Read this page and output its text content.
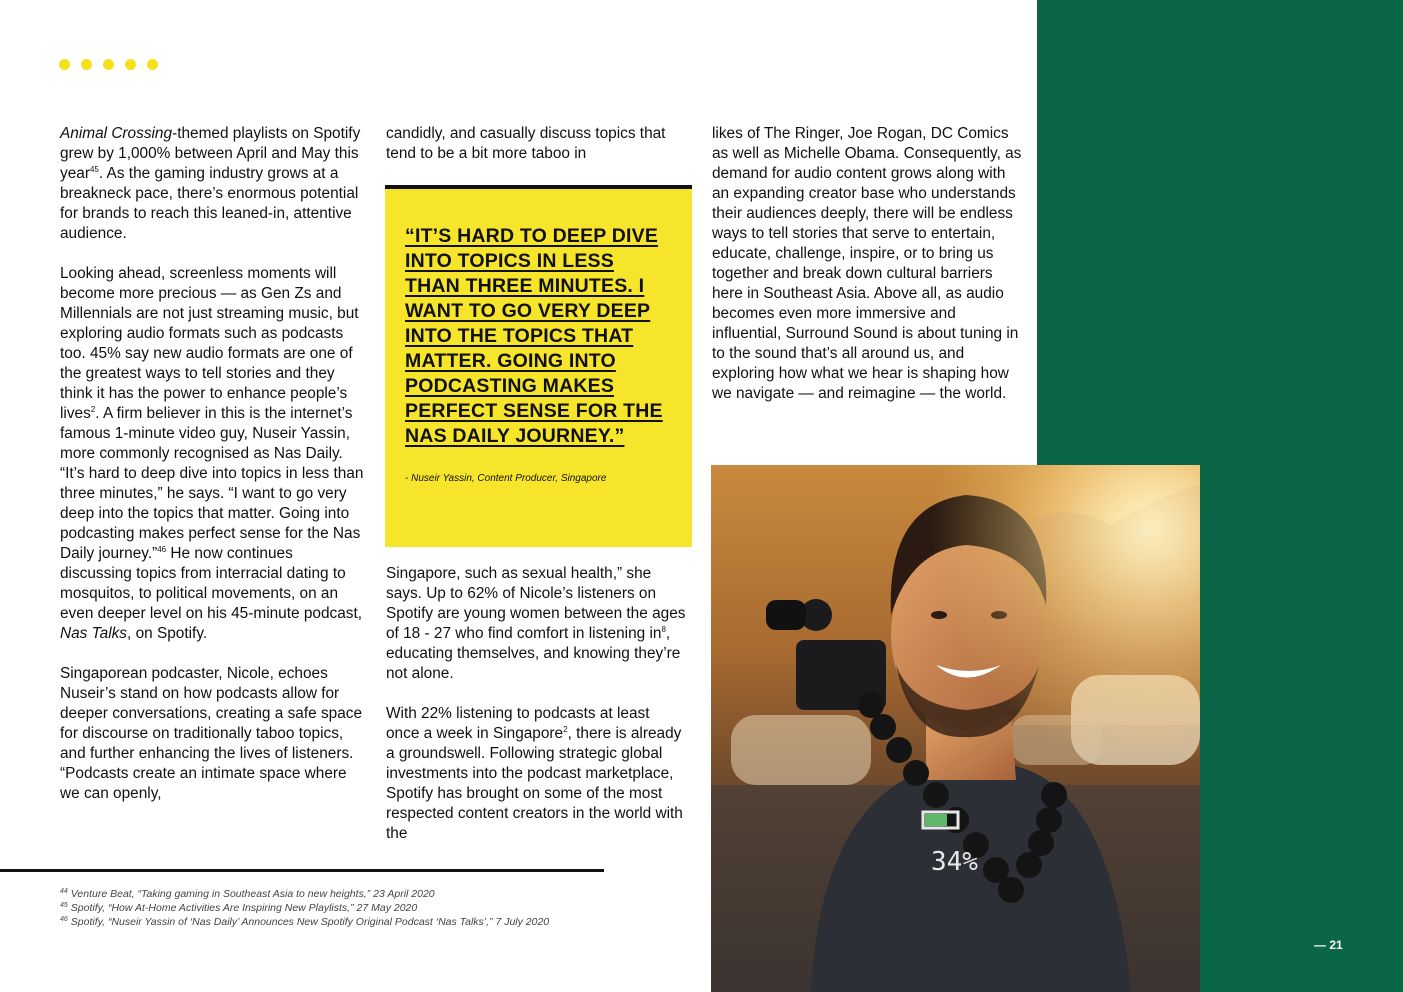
Animal Crossing-themed playlists on Spotify grew by 1,000% between April and May this year$^{45}$. As the gaming industry grows at a breakneck pace, there’s enormous potential for brands to reach this leaned-in, attentive audience.

Looking ahead, screenless moments will become more precious — as Gen Zs and Millennials are not just streaming music, but exploring audio formats such as podcasts too. 45% say new audio formats are one of the greatest ways to tell stories and they think it has the power to enhance people’s lives$^2$. A firm believer in this is the internet’s famous 1-minute video guy, Nuseir Yassin, more commonly recognised as Nas Daily. “It’s hard to deep dive into topics in less than three minutes,” he says. “I want to go very deep into the topics that matter. Going into podcasting makes perfect sense for the Nas Daily journey.”$^{46}$ He now continues discussing topics from interracial dating to mosquitos, to political movements, on an even deeper level on his 45-minute podcast, Nas Talks, on Spotify.

Singaporean podcaster, Nicole, echoes Nuseir’s stand on how podcasts allow for deeper conversations, creating a safe space for discourse on traditionally taboo topics, and further enhancing the lives of listeners. “Podcasts create an intimate space where we can openly,

candidly, and casually discuss topics that tend to be a bit more taboo in

“IT’S HARD TO DEEP DIVE INTO TOPICS IN LESS THAN THREE MINUTES. I WANT TO GO VERY DEEP INTO THE TOPICS THAT MATTER. GOING INTO PODCASTING MAKES PERFECT SENSE FOR THE NAS DAILY JOURNEY.”
- Nuseir Yassin, Content Producer, Singapore

Singapore, such as sexual health,” she says. Up to 62% of Nicole’s listeners on Spotify are young women between the ages of 18 - 27 who find comfort in listening $in^8$, educating themselves, and knowing they’re not alone.

With 22% listening to podcasts at least once a week in Singapore$^2$, there is already a groundswell. Following strategic global investments into the podcast marketplace, Spotify has brought on some of the most respected content creators in the world with the

likes of The Ringer, Joe Rogan, DC Comics as well as Michelle Obama. Consequently, as demand for audio content grows along with an expanding creator base who understands their audiences deeply, there will be endless ways to tell stories that serve to entertain, educate, challenge, inspire, or to bring us together and break down cultural barriers here in Southeast Asia. Above all, as audio becomes even more immersive and influential, Surround Sound is about tuning in to the sound that’s all around us, and exploring how what we hear is shaping how we navigate — and reimagine — the world.

$^{44}$ Venture Beat, “Taking gaming in Southeast Asia to new heights,” 23 April 2020
$^{45}$ Spotify, “How At-Home Activities Are Inspiring New Playlists,” 27 May 2020
$^{46}$ Spotify, “Nuseir Yassin of ‘Nas Daily’ Announces New Spotify Original Podcast ‘Nas Talks’,” 7 July 2020
— 21
